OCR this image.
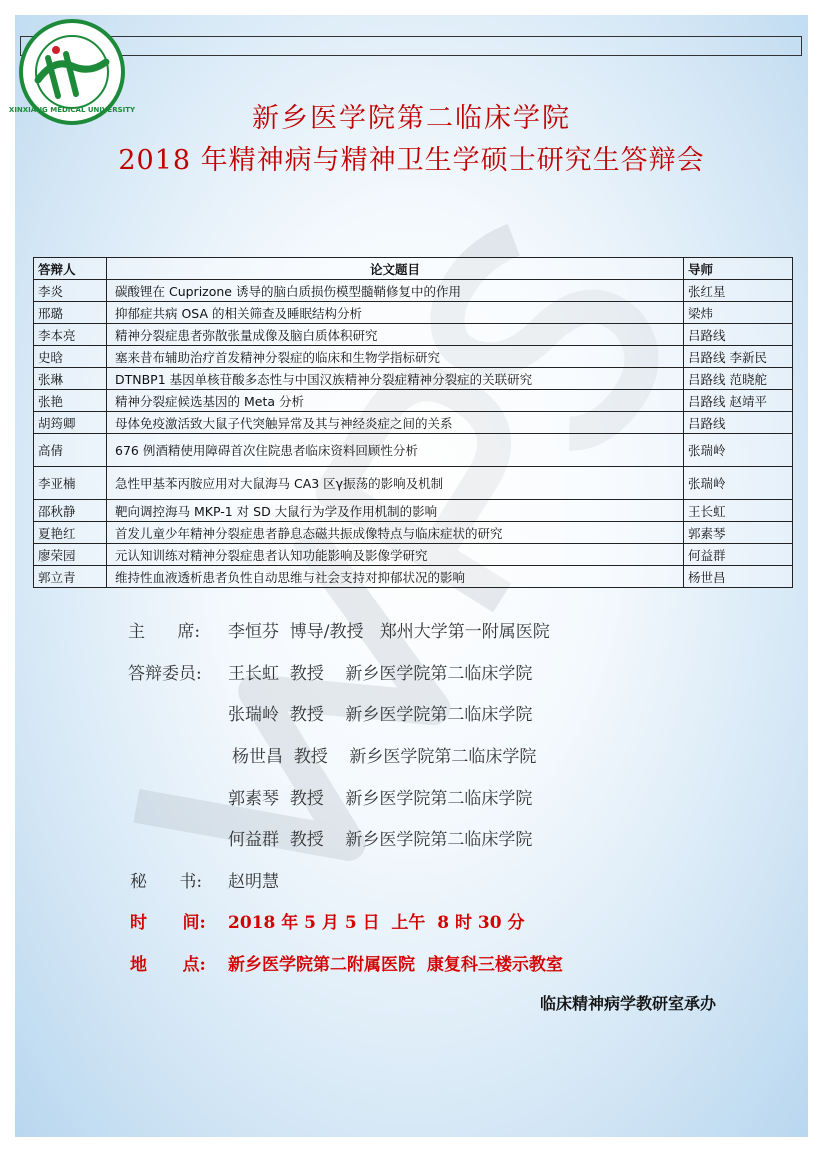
XINXIANG MEDICAL UNIVERSITY	新乡医学院第二临床学院
2018 年精神病与精神卫生学硕士研究生答辩会
答辩人	论文题目	导师
李炎	碳酸锂在 Cuprizone 诱导的脑白质损伤模型髓鞘修复中的作用	张红星
邢璐	抑郁症共病 OSA 的相关筛查及睡眠结构分析	梁炜
李本亮	精神分裂症患者弥散张量成像及脑白质体积研究	吕路线
史晗	塞来昔布辅助治疗首发精神分裂症的临床和生物学指标研究	吕路线 李新民
张琳	DTNBP1 基因单核苷酸多态性与中国汉族精神分裂症精神分裂症的关联研究	吕路线 范晓舵
张艳	精神分裂症候选基因的 Meta 分析	吕路线 赵靖平
胡筠卿	母体免疫激活致大鼠子代突触异常及其与神经炎症之间的关系	吕路线
高倩	676 例酒精使用障碍首次住院患者临床资料回顾性分析	张瑞岭
李亚楠	急性甲基苯丙胺应用对大鼠海马 CA3 区γ振荡的影响及机制	张瑞岭
邵秋静	靶向调控海马 MKP-1 对 SD 大鼠行为学及作用机制的影响	王长虹
夏艳红	首发儿童少年精神分裂症患者静息态磁共振成像特点与临床症状的研究	郭素琴
廖荣园	元认知训练对精神分裂症患者认知功能影响及影像学研究	何益群
郭立青	维持性血液透析患者负性自动思维与社会支持对抑郁状况的影响	杨世昌
主      席: 李恒芬  博导/教授   郑州大学第一附属医院
答辩委员: 王长虹  教授    新乡医学院第二临床学院
张瑞岭  教授    新乡医学院第二临床学院
杨世昌  教授    新乡医学院第二临床学院
郭素琴  教授    新乡医学院第二临床学院
何益群  教授    新乡医学院第二临床学院
秘      书: 赵明慧
时      间: 2018 年 5 月 5 日  上午  8 时 30 分
地      点: 新乡医学院第二附属医院  康复科三楼示教室
临床精神病学教研室承办
